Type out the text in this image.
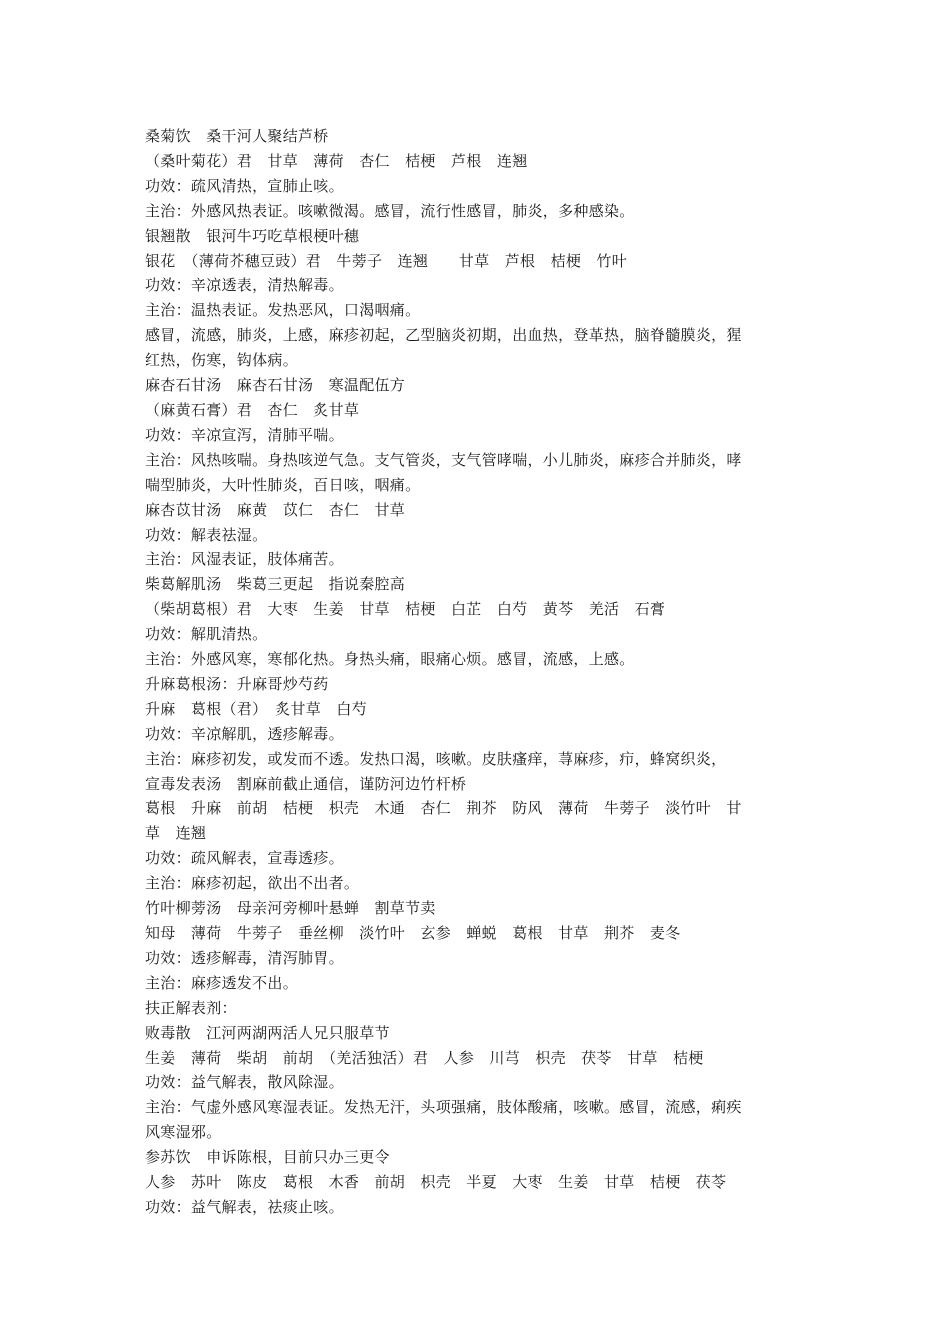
桑菊饮　桑干河人聚结芦桥

（桑叶菊花）君　甘草　薄荷　杏仁　桔梗　芦根　连翘

功效：疏风清热，宣肺止咳。

主治：外感风热表证。咳嗽微渴。感冒，流行性感冒，肺炎，多种感染。

银翘散　银河牛巧吃草根梗叶穗

银花　（薄荷芥穗豆豉）君　牛蒡子　连翘　　甘草　芦根　桔梗　竹叶

功效：辛凉透表，清热解毒。

主治：温热表证。发热恶风，口渴咽痛。

感冒，流感，肺炎，上感，麻疹初起，乙型脑炎初期，出血热，登革热，脑脊髓膜炎，猩

红热，伤寒，钩体病。

麻杏石甘汤　麻杏石甘汤　寒温配伍方

（麻黄石膏）君　杏仁　炙甘草

功效：辛凉宣泻，清肺平喘。

主治：风热咳喘。身热咳逆气急。支气管炎，支气管哮喘，小儿肺炎，麻疹合并肺炎，哮

喘型肺炎，大叶性肺炎，百日咳，咽痛。

麻杏苡甘汤　麻黄　苡仁　杏仁　甘草

功效：解表祛湿。

主治：风湿表证，肢体痛苦。

柴葛解肌汤　柴葛三更起　指说秦腔高

（柴胡葛根）君　大枣　生姜　甘草　桔梗　白芷　白芍　黄芩　羌活　石膏

功效：解肌清热。

主治：外感风寒，寒郁化热。身热头痛，眼痛心烦。感冒，流感，上感。

升麻葛根汤：升麻哥炒芍药

升麻　葛根（君）　炙甘草　白芍

功效：辛凉解肌，透疹解毒。

主治：麻疹初发，或发而不透。发热口渴，咳嗽。皮肤瘙痒，荨麻疹，疖，蜂窝织炎，

宣毒发表汤　割麻前截止通信，谨防河边竹杆桥

葛根　升麻　前胡　桔梗　枳壳　木通　杏仁　荆芥　防风　薄荷　牛蒡子　淡竹叶　甘

草　连翘

功效：疏风解表，宣毒透疹。

主治：麻疹初起，欲出不出者。

竹叶柳蒡汤　母亲河旁柳叶悬蝉　割草节卖

知母　薄荷　牛蒡子　垂丝柳　淡竹叶　玄参　蝉蜕　葛根　甘草　荆芥　麦冬

功效：透疹解毒，清泻肺胃。

主治：麻疹透发不出。

扶正解表剂：

败毒散　江河两湖两活人兄只服草节

生姜　薄荷　柴胡　前胡　（羌活独活）君　人参　川芎　枳壳　茯苓　甘草　桔梗

功效：益气解表，散风除湿。

主治：气虚外感风寒湿表证。发热无汗，头项强痛，肢体酸痛，咳嗽。感冒，流感，痢疾

风寒湿邪。

参苏饮　申诉陈根，目前只办三更令

人参　苏叶　陈皮　葛根　木香　前胡　枳壳　半夏　大枣　生姜　甘草　桔梗　茯苓

功效：益气解表，祛痰止咳。
